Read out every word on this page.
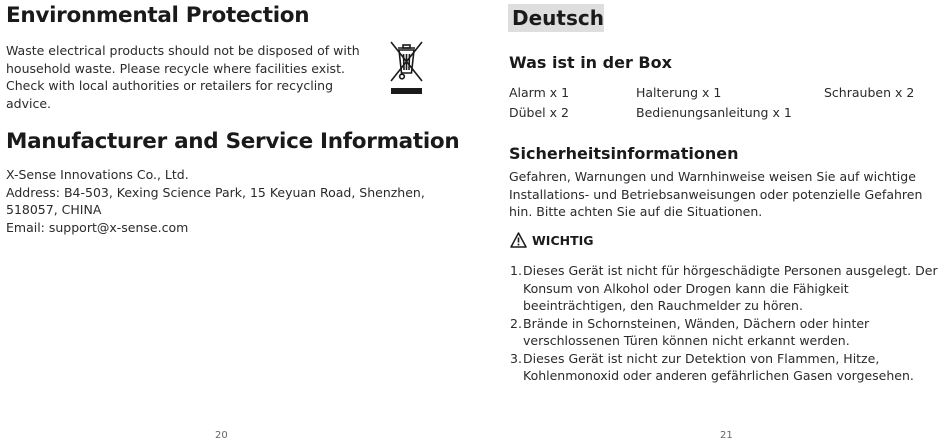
Environmental Protection
Waste electrical products should not be disposed of with household waste. Please recycle where facilities exist. Check with local authorities or retailers for recycling advice.
Manufacturer and Service Information
X-Sense Innovations Co., Ltd.
Address: B4-503, Kexing Science Park, 15 Keyuan Road, Shenzhen, 518057, CHINA
Email: support@x-sense.com
20
Deutsch
Was ist in der Box
Alarm x 1	Halterung x 1	Schrauben x 2
Dübel x 2	Bedienungsanleitung x 1
Sicherheitsinformationen
Gefahren, Warnungen und Warnhinweise weisen Sie auf wichtige Installations- und Betriebsanweisungen oder potenzielle Gefahren hin. Bitte achten Sie auf die Situationen.
WICHTIG
1. Dieses Gerät ist nicht für hörgeschädigte Personen ausgelegt. Der Konsum von Alkohol oder Drogen kann die Fähigkeit beeinträchtigen, den Rauchmelder zu hören.
2. Brände in Schornsteinen, Wänden, Dächern oder hinter verschlossenen Türen können nicht erkannt werden.
3. Dieses Gerät ist nicht zur Detektion von Flammen, Hitze, Kohlenmonoxid oder anderen gefährlichen Gasen vorgesehen.
21
